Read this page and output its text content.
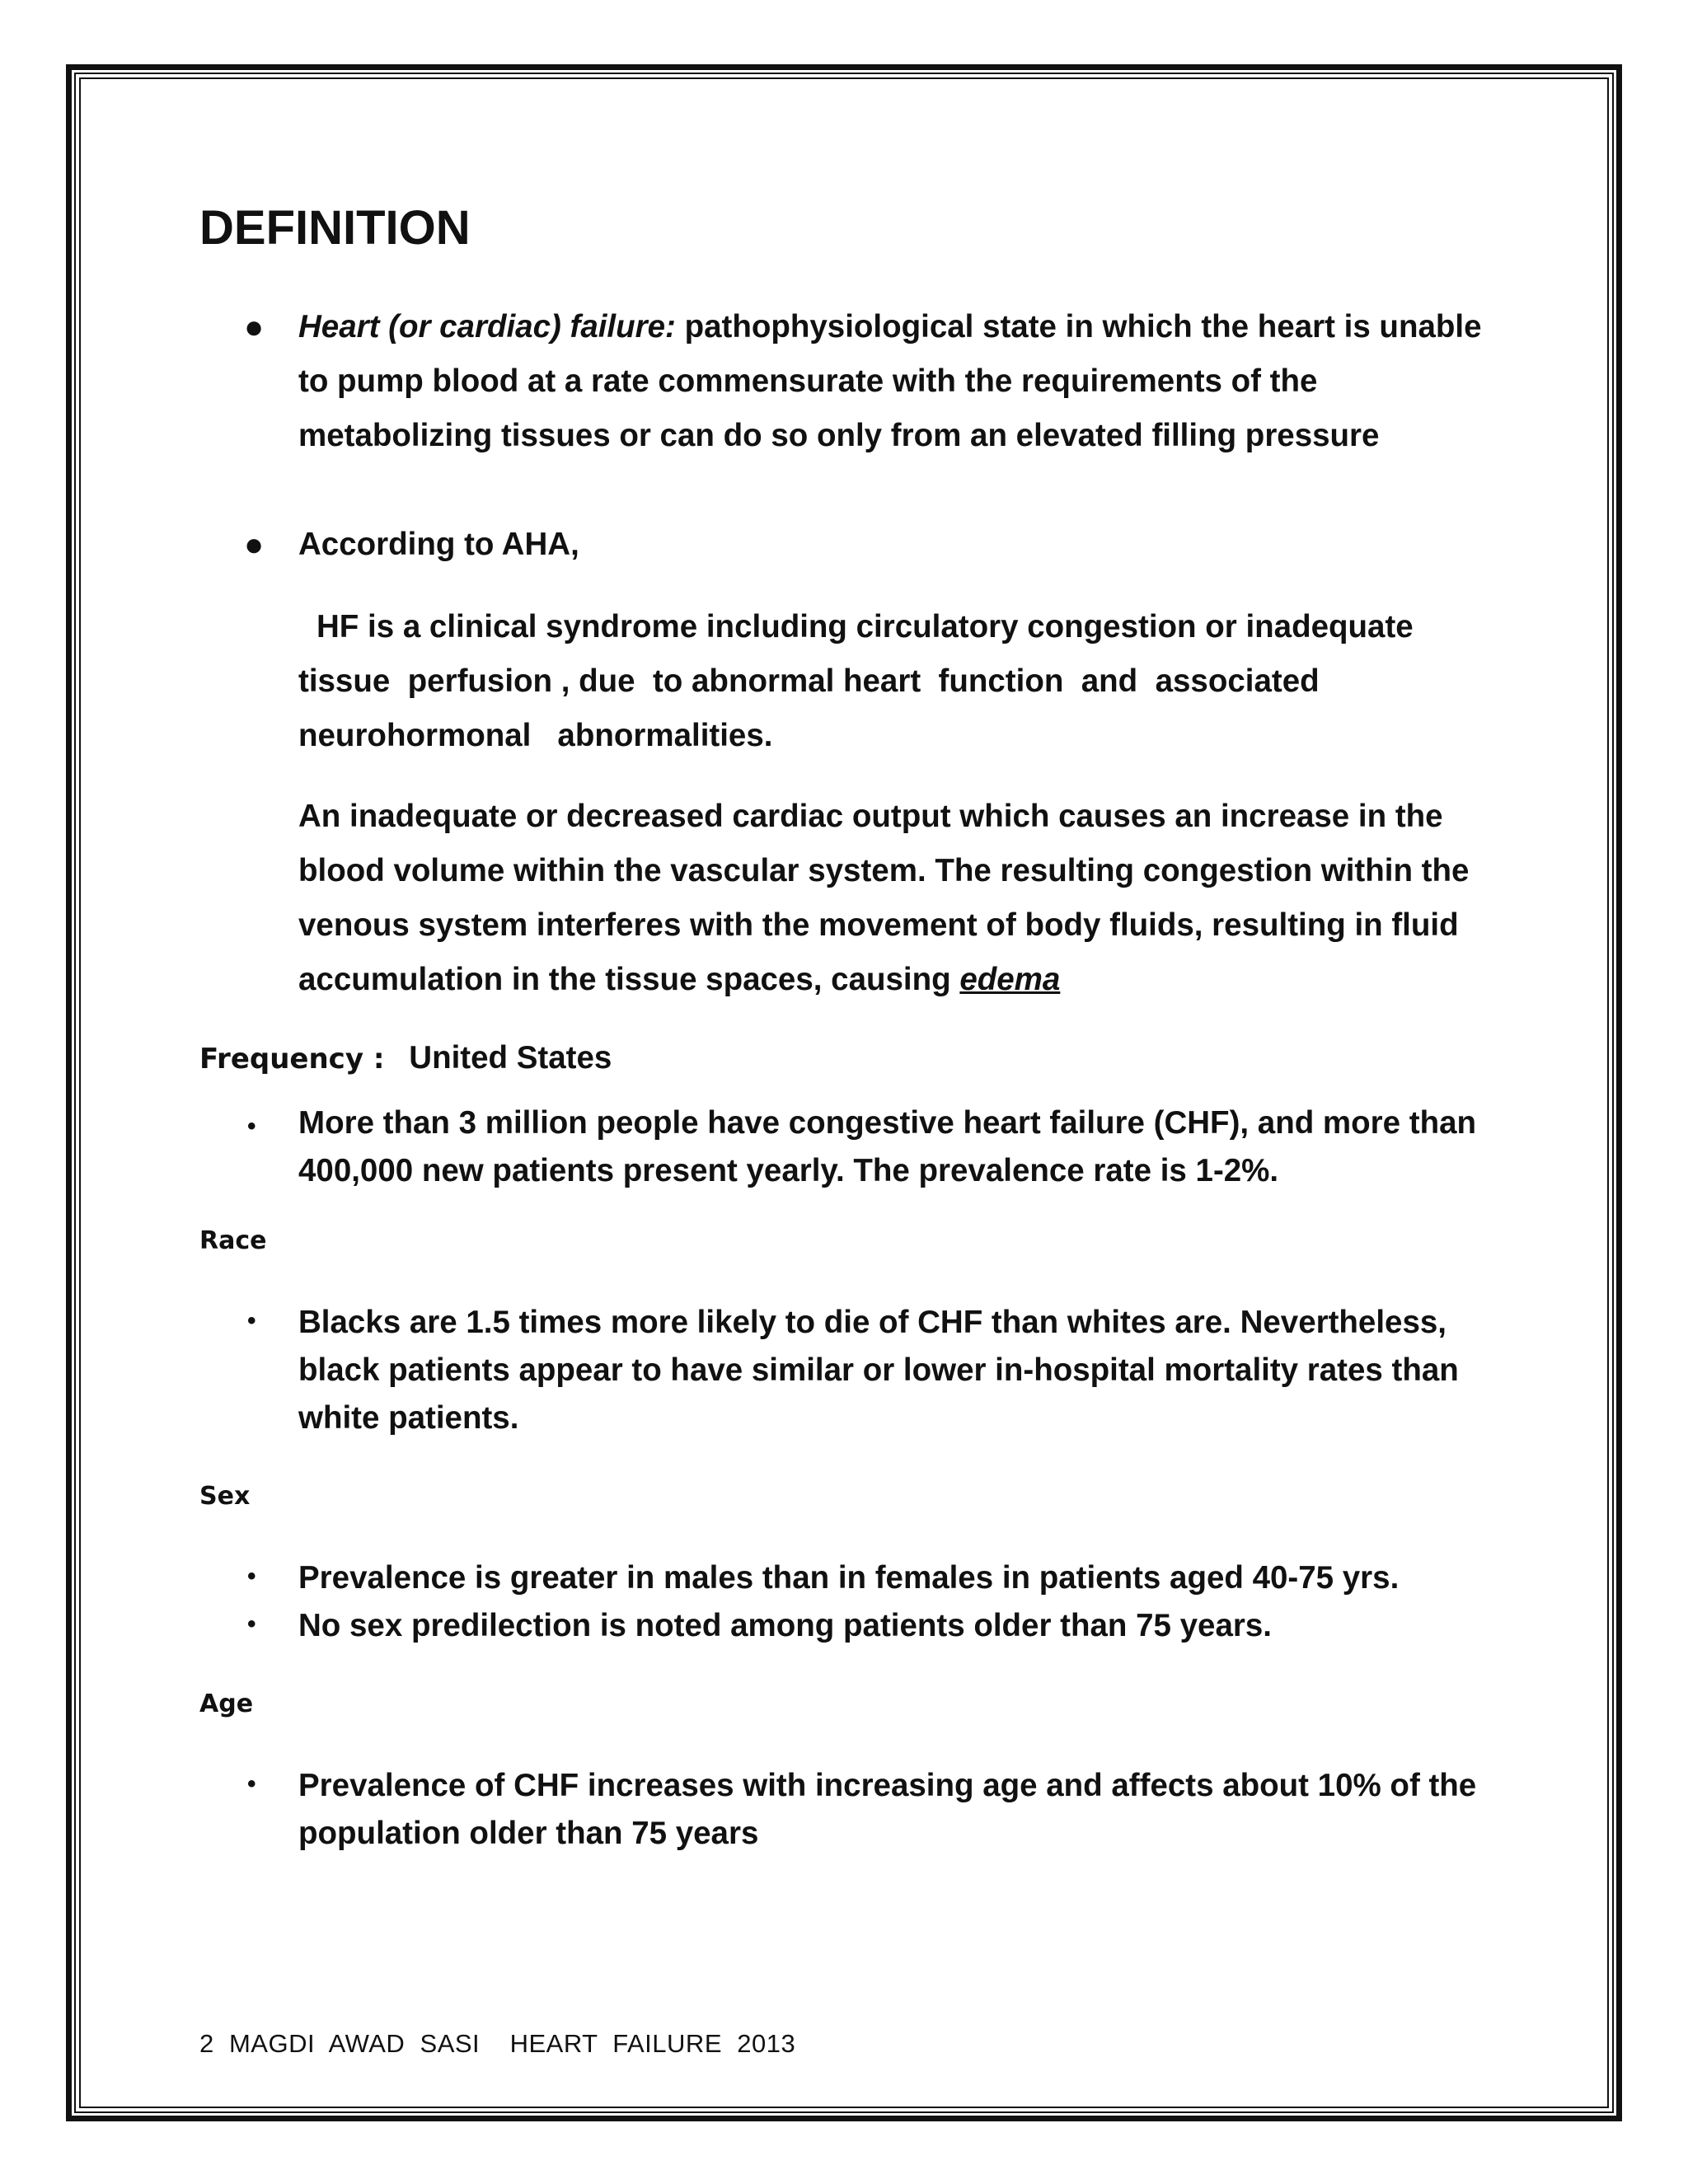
DEFINITION
● Heart (or cardiac) failure: pathophysiological state in which the heart is unable to pump blood at a rate commensurate with the requirements of the metabolizing tissues or can do so only from an elevated filling pressure
● According to AHA,
HF is a clinical syndrome including circulatory congestion or inadequate tissue  perfusion , due  to abnormal heart  function  and  associated neurohormonal   abnormalities.
An inadequate or decreased cardiac output which causes an increase in the blood volume within the vascular system. The resulting congestion within the venous system interferes with the movement of body fluids, resulting in fluid accumulation in the tissue spaces, causing edema
Frequency : United States
• More than 3 million people have congestive heart failure (CHF), and more than 400,000 new patients present yearly. The prevalence rate is 1-2%.
Race
• Blacks are 1.5 times more likely to die of CHF than whites are. Nevertheless, black patients appear to have similar or lower in-hospital mortality rates than white patients.
Sex
• Prevalence is greater in males than in females in patients aged 40-75 yrs.
• No sex predilection is noted among patients older than 75 years.
Age
• Prevalence of CHF increases with increasing age and affects about 10% of the population older than 75 years
2  MAGDI  AWAD  SASI    HEART  FAILURE  2013
